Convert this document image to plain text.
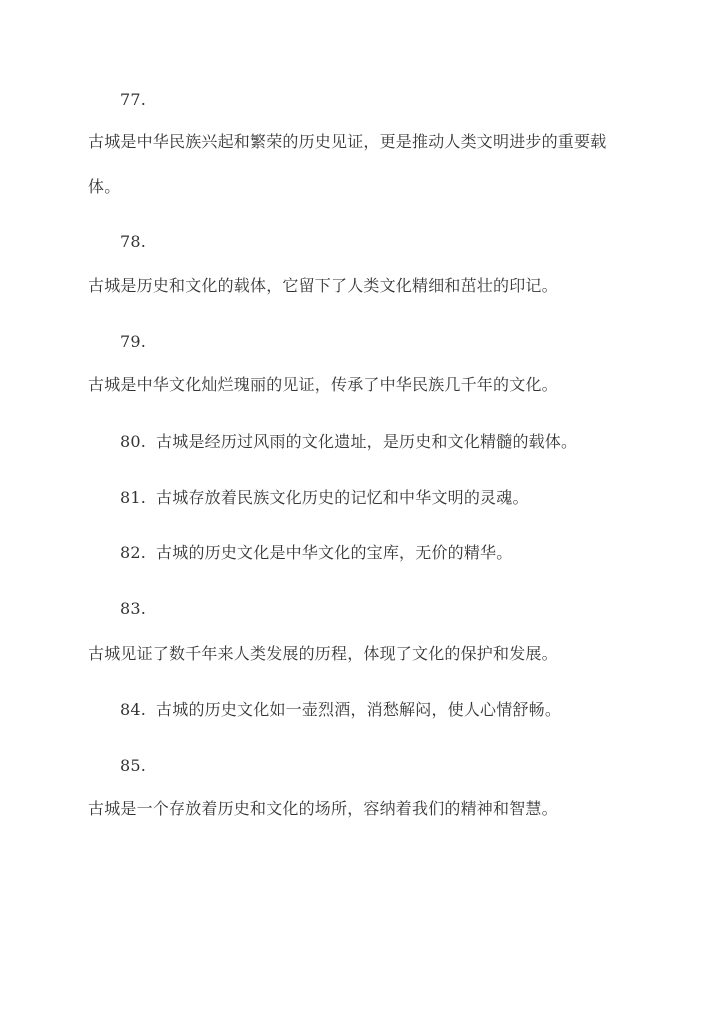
77.
古城是中华民族兴起和繁荣的历史见证，更是推动人类文明进步的重要载
体。
78.
古城是历史和文化的载体，它留下了人类文化精细和茁壮的印记。
79.
古城是中华文化灿烂瑰丽的见证，传承了中华民族几千年的文化。
80. 古城是经历过风雨的文化遗址，是历史和文化精髓的载体。
81. 古城存放着民族文化历史的记忆和中华文明的灵魂。
82. 古城的历史文化是中华文化的宝库，无价的精华。
83.
古城见证了数千年来人类发展的历程，体现了文化的保护和发展。
84. 古城的历史文化如一壶烈酒，消愁解闷，使人心情舒畅。
85.
古城是一个存放着历史和文化的场所，容纳着我们的精神和智慧。
